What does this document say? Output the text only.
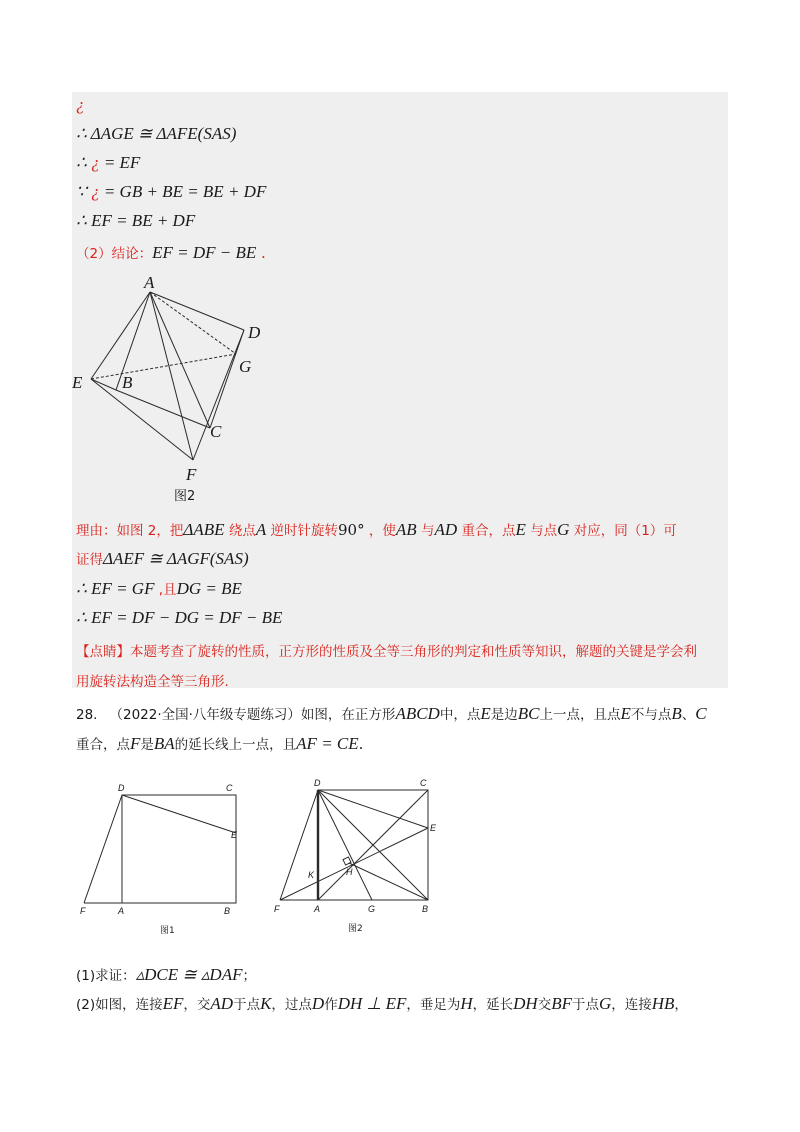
¿
∴ ΔAGE ≅ ΔAFE(SAS)
∴ ¿ = EF
∵ ¿ = GB + BE = BE + DF
∴ EF = BE + DF
（2）结论：EF = DF − BE .
A
D
G
E B
C
F
图2
理由：如图 2，把ΔABE 绕点A 逆时针旋转90° ，使AB 与AD 重合，点E 与点G 对应，同（1）可
证得ΔAEF ≅ ΔAGF(SAS)
∴ EF = GF ,且DG = BE
∴ EF = DF − DG = DF − BE
【点睛】本题考查了旋转的性质，正方形的性质及全等三角形的判定和性质等知识，解题的关键是学会利
用旋转法构造全等三角形.
28. （2022·全国·八年级专题练习）如图，在正方形ABCD中，点E是边BC上一点，且点E不与点B、C
重合，点F是BA的延长线上一点，且AF = CE.
D	C
E
F	A	B
图1
D	C
E
K	H
F	A	G	B
图2
(1)求证：▵DCE ≅ ▵DAF；
(2)如图，连接EF，交AD于点K，过点D作DH ⊥ EF，垂足为H，延长DH交BF于点G，连接HB，
